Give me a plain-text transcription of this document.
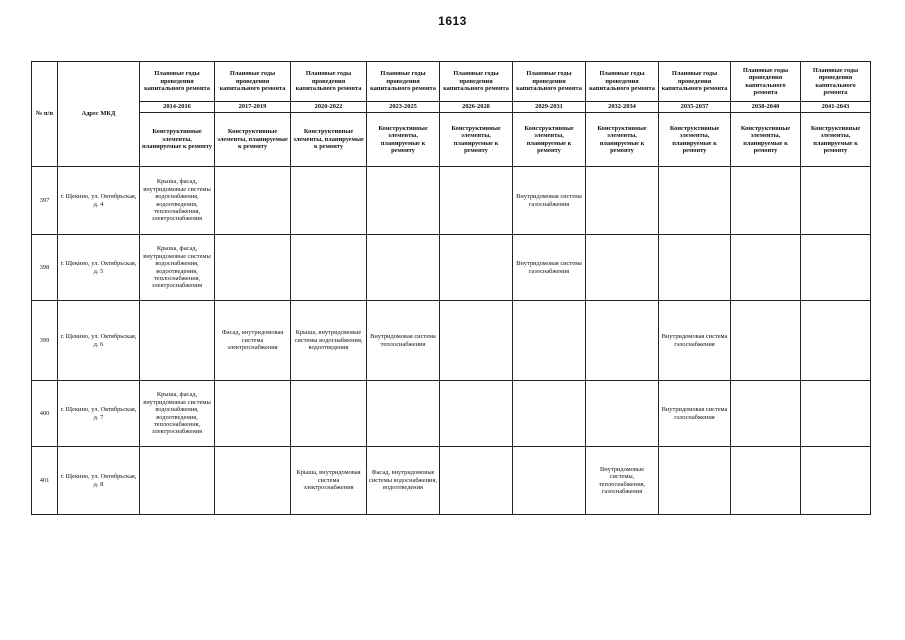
1613
№ п/п	Адрес МКД	Плановые годы проведения капитального ремонта	Плановые годы проведения капитального ремонта	Плановые годы проведения капитального ремонта	Плановые годы проведения капитального ремонта	Плановые годы проведения капитального ремонта	Плановые годы проведения капитального ремонта	Плановые годы проведения капитального ремонта	Плановые годы проведения капитального ремонта	Плановые годы проведения капитального ремонта	Плановые годы проведения капитального ремонта
		2014-2016	2017-2019	2020-2022	2023-2025	2026-2028	2029-2031	2032-2034	2035-2037	2038-2040	2041-2043
		Конструктивные элементы, планируемые к ремонту	Конструктивные элементы, планируемые к ремонту	Конструктивные элементы, планируемые к ремонту	Конструктивные элементы, планируемые к ремонту	Конструктивные элементы, планируемые к ремонту	Конструктивные элементы, планируемые к ремонту	Конструктивные элементы, планируемые к ремонту	Конструктивные элементы, планируемые к ремонту	Конструктивные элементы, планируемые к ремонту	Конструктивные элементы, планируемые к ремонту
397	г. Щекино, ул. Октябрьская, д. 4	Крыша, фасад, внутридомовые системы водоснабжения, водоотведения, теплоснабжения, электроснабжения					Внутридомовая система газоснабжения				
398	г. Щекино, ул. Октябрьская, д. 5	Крыша, фасад, внутридомовые системы водоснабжения, водоотведения, теплоснабжения, электроснабжения					Внутридомовая система газоснабжения				
399	г. Щекино, ул. Октябрьская, д. 6		Фасад, внутридомовая система электроснабжения	Крыша, внутридомовые системы водоснабжения, водоотведения	Внутридомовая система теплоснабжения				Внутридомовая система газоснабжения		
400	г. Щекино, ул. Октябрьская, д. 7	Крыша, фасад, внутридомовые системы водоснабжения, водоотведения, теплоснабжения, электроснабжения							Внутридомовая система газоснабжения		
401	г. Щекино, ул. Октябрьская, д. 8			Крыша, внутридомовая система электроснабжения	Фасад, внутридомовые системы водоснабжения, водоотведения			Внутридомовые системы, теплоснабжения, газоснабжения			
